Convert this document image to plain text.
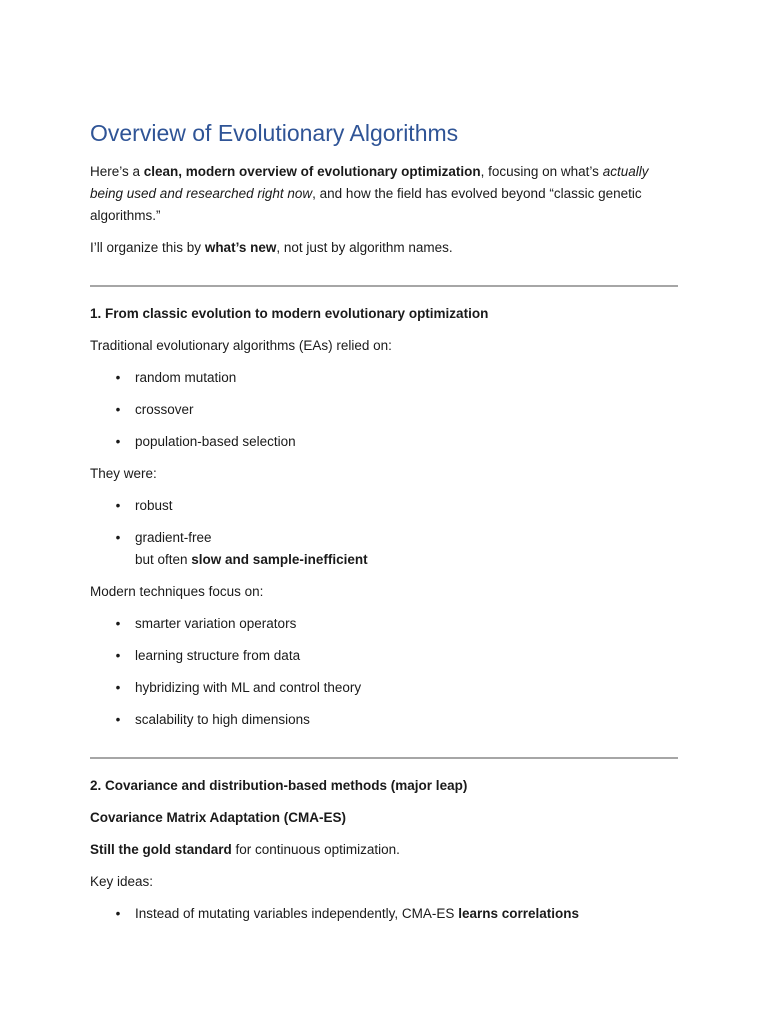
Overview of Evolutionary Algorithms

Here’s a clean, modern overview of evolutionary optimization, focusing on what’s actually being used and researched right now, and how the field has evolved beyond “classic genetic algorithms.”

I’ll organize this by what’s new, not just by algorithm names.

1. From classic evolution to modern evolutionary optimization

Traditional evolutionary algorithms (EAs) relied on:

• random mutation
• crossover
• population-based selection

They were:

• robust
• gradient-free
but often slow and sample-inefficient

Modern techniques focus on:

• smarter variation operators
• learning structure from data
• hybridizing with ML and control theory
• scalability to high dimensions
2. Covariance and distribution-based methods (major leap)
Covariance Matrix Adaptation (CMA-ES)

Still the gold standard for continuous optimization.

Key ideas:

• Instead of mutating variables independently, CMA-ES learns correlations
